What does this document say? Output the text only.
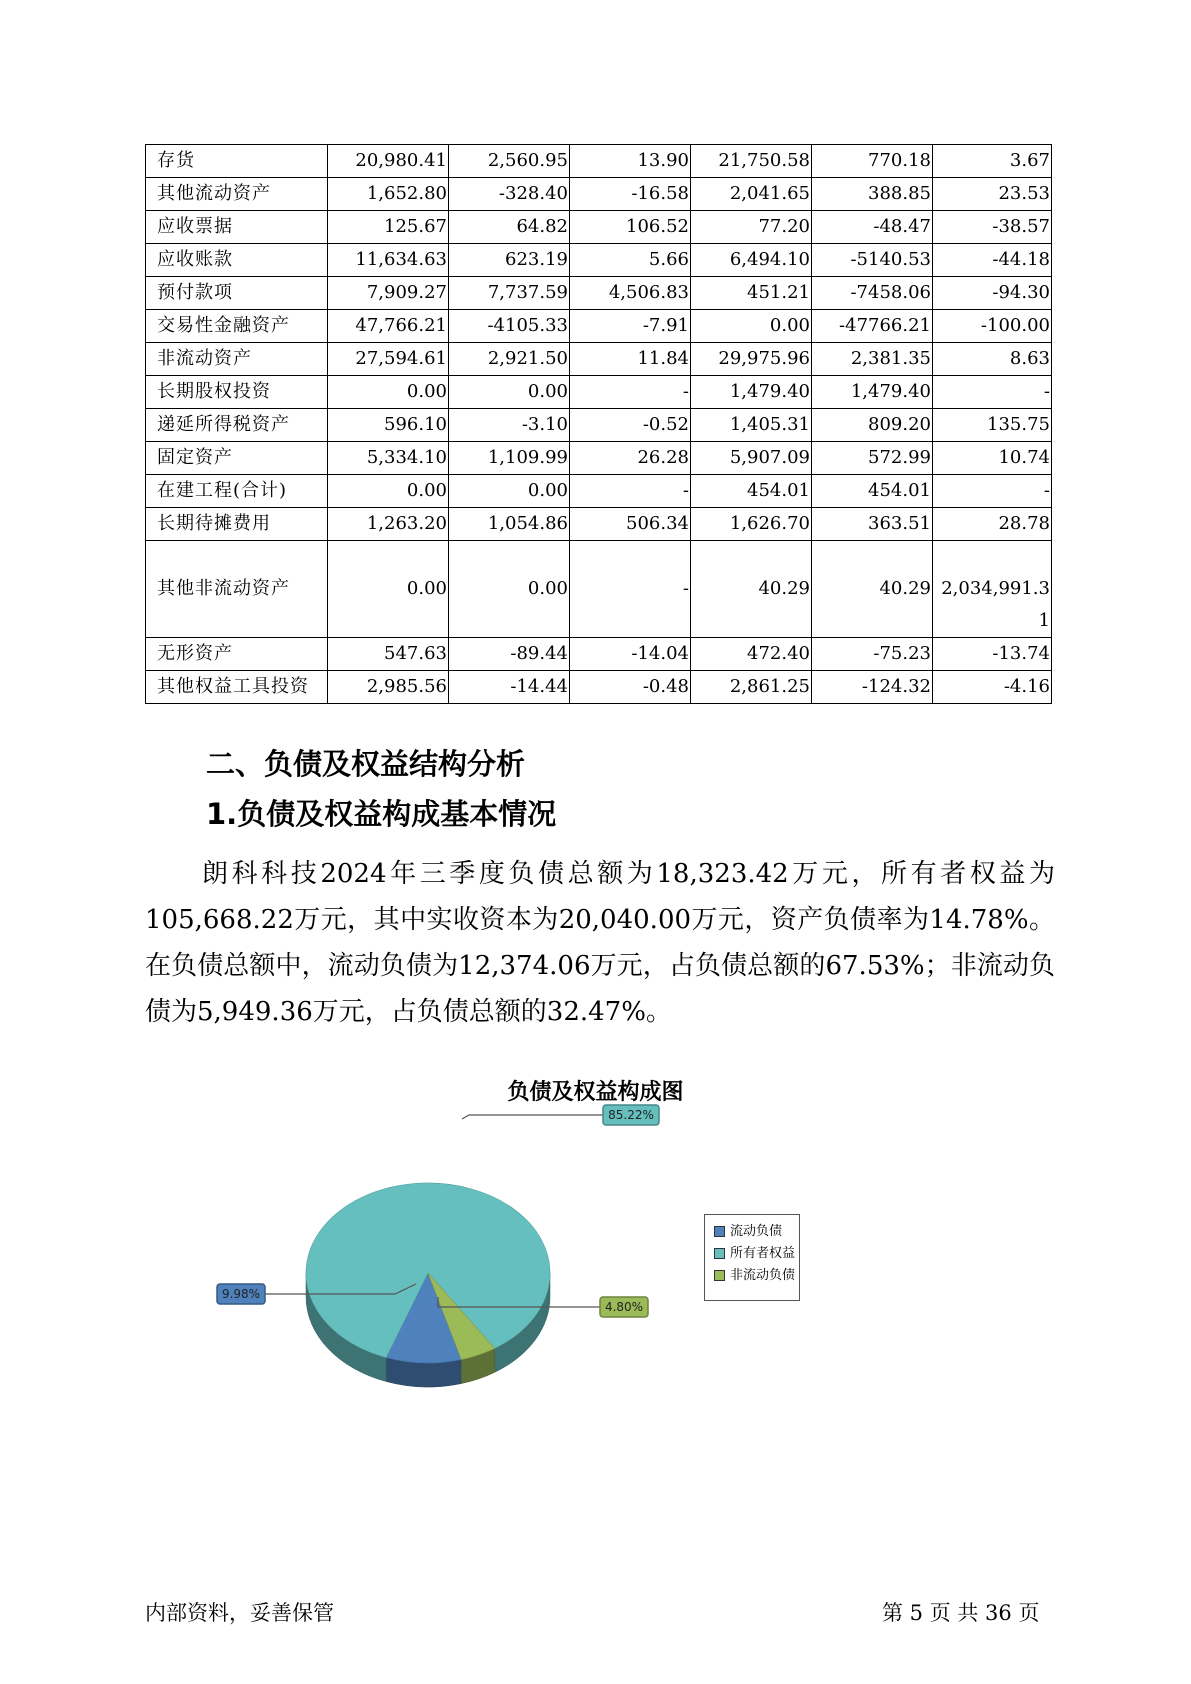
存货	20,980.41	2,560.95	13.90	21,750.58	770.18	3.67
其他流动资产	1,652.80	-328.40	-16.58	2,041.65	388.85	23.53
应收票据	125.67	64.82	106.52	77.20	-48.47	-38.57
应收账款	11,634.63	623.19	5.66	6,494.10	-5140.53	-44.18
预付款项	7,909.27	7,737.59	4,506.83	451.21	-7458.06	-94.30
交易性金融资产	47,766.21	-4105.33	-7.91	0.00	-47766.21	-100.00
非流动资产	27,594.61	2,921.50	11.84	29,975.96	2,381.35	8.63
长期股权投资	0.00	0.00	-	1,479.40	1,479.40	-
递延所得税资产	596.10	-3.10	-0.52	1,405.31	809.20	135.75
固定资产	5,334.10	1,109.99	26.28	5,907.09	572.99	10.74
在建工程(合计)	0.00	0.00	-	454.01	454.01	-
长期待摊费用	1,263.20	1,054.86	506.34	1,626.70	363.51	28.78
其他非流动资产	0.00	0.00	-	40.29	40.29	2,034,991.31
无形资产	547.63	-89.44	-14.04	472.40	-75.23	-13.74
其他权益工具投资	2,985.56	-14.44	-0.48	2,861.25	-124.32	-4.16
二、负债及权益结构分析
1.负债及权益构成基本情况
朗科科技2024年三季度负债总额为18,323.42万元，所有者权益为105,668.22万元，其中实收资本为20,040.00万元，资产负债率为14.78%。在负债总额中，流动负债为12,374.06万元，占负债总额的67.53%；非流动负债为5,949.36万元，占负债总额的32.47%。
负债及权益构成图
9.98%
85.22%
4.80%
流动负债
所有者权益
非流动负债
内部资料，妥善保管	第 5 页 共 36 页
